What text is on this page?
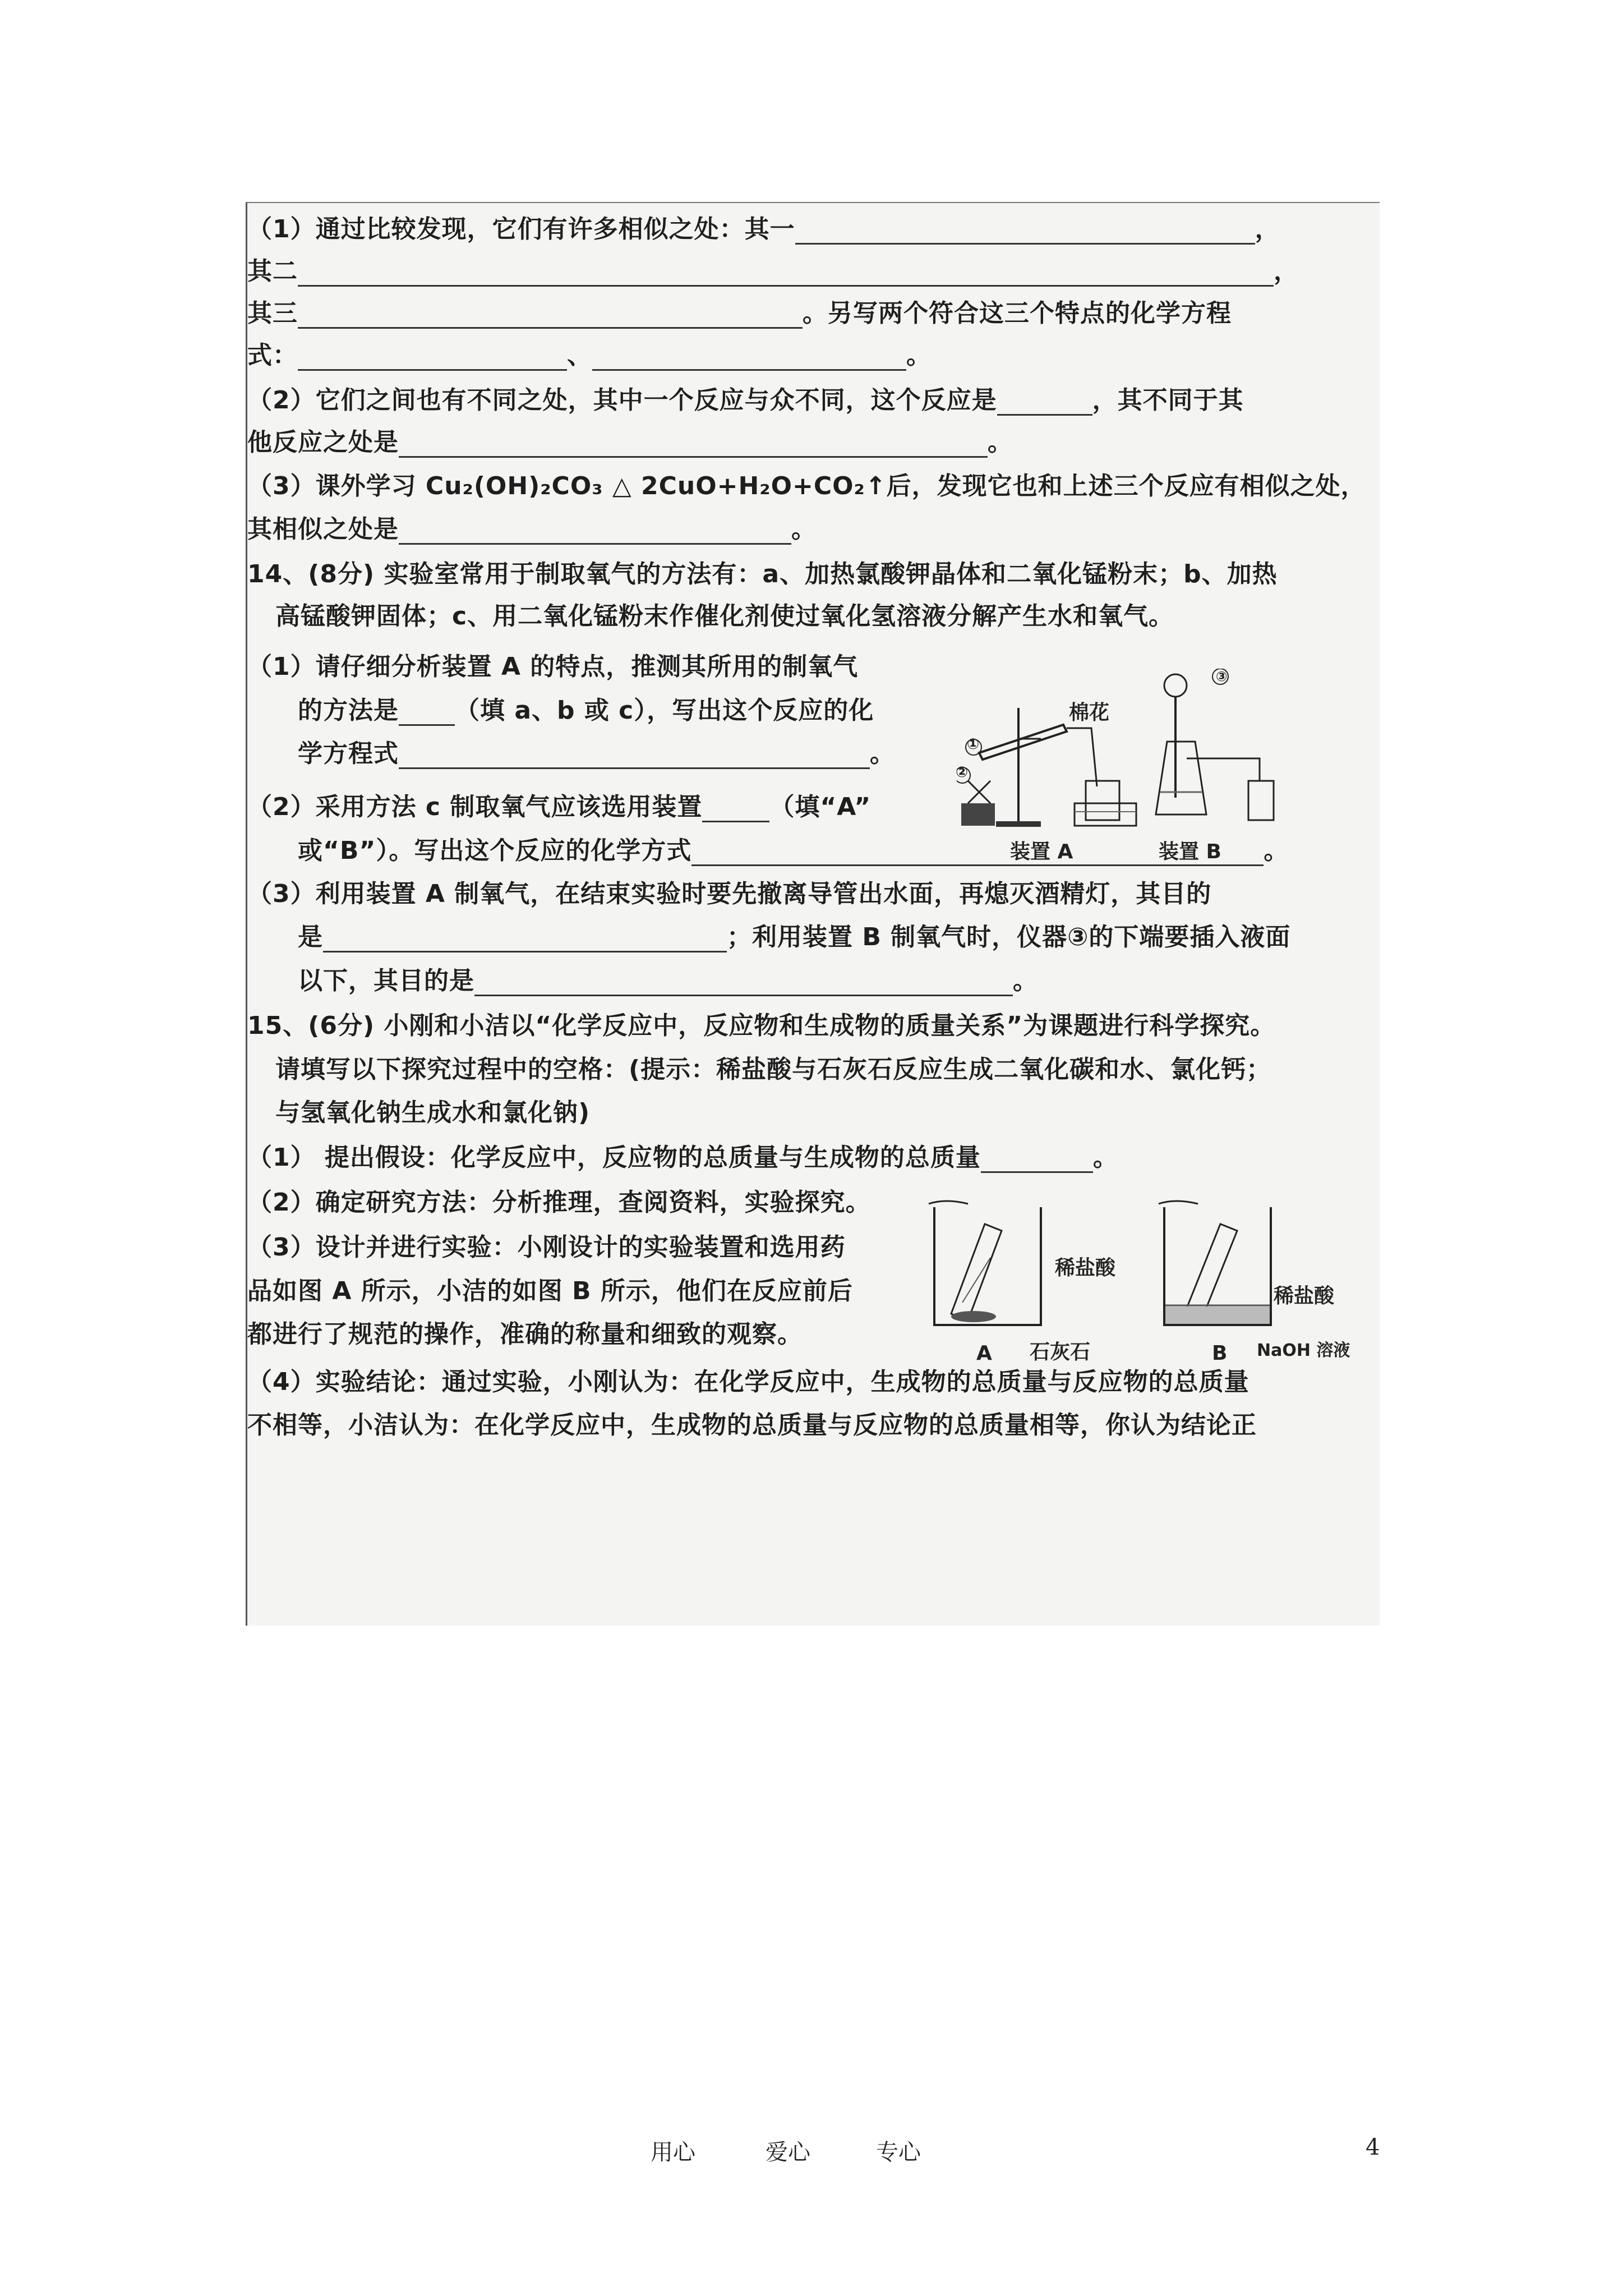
（1）通过比较发现，它们有许多相似之处：其一	，
其二	，
其三	。另写两个符合这三个特点的化学方程
式：	、	。
（2）它们之间也有不同之处，其中一个反应与众不同，这个反应是	，其不同于其
他反应之处是	。
（3）课外学习 Cu₂(OH)₂CO₃ △ 2CuO+H₂O+CO₂↑后，发现它也和上述三个反应有相似之处，
其相似之处是	。
14、(8分) 实验室常用于制取氧气的方法有：a、加热氯酸钾晶体和二氧化锰粉末；b、加热
高锰酸钾固体；c、用二氧化锰粉末作催化剂使过氧化氢溶液分解产生水和氧气。
（1）请仔细分析装置 A 的特点，推测其所用的制氧气
的方法是 （填 a、b 或 c），写出这个反应的化
学方程式	。	①
②
棉花
装置 A
③
装置 B
（2）采用方法 c 制取氧气应该选用装置	（填“A”
或“B”）。写出这个反应的化学方式	。
（3）利用装置 A 制氧气，在结束实验时要先撤离导管出水面，再熄灭酒精灯，其目的
是	；利用装置 B 制氧气时，仪器③的下端要插入液面
以下，其目的是	。
15、(6分) 小刚和小洁以“化学反应中，反应物和生成物的质量关系”为课题进行科学探究。
请填写以下探究过程中的空格：(提示：稀盐酸与石灰石反应生成二氧化碳和水、氯化钙；
与氢氧化钠生成水和氯化钠)
（1） 提出假设：化学反应中，反应物的总质量与生成物的总质量	。
（2）确定研究方法：分析推理，查阅资料，实验探究。
（3）设计并进行实验：小刚设计的实验装置和选用药
品如图 A 所示，小洁的如图 B 所示，他们在反应前后
都进行了规范的操作，准确的称量和细致的观察。
稀盐酸
石灰石
A
稀盐酸
NaOH 溶液
B
（4）实验结论：通过实验，小刚认为：在化学反应中，生成物的总质量与反应物的总质量
不相等，小洁认为：在化学反应中，生成物的总质量与反应物的总质量相等，你认为结论正
用心	爱心	专心	4
